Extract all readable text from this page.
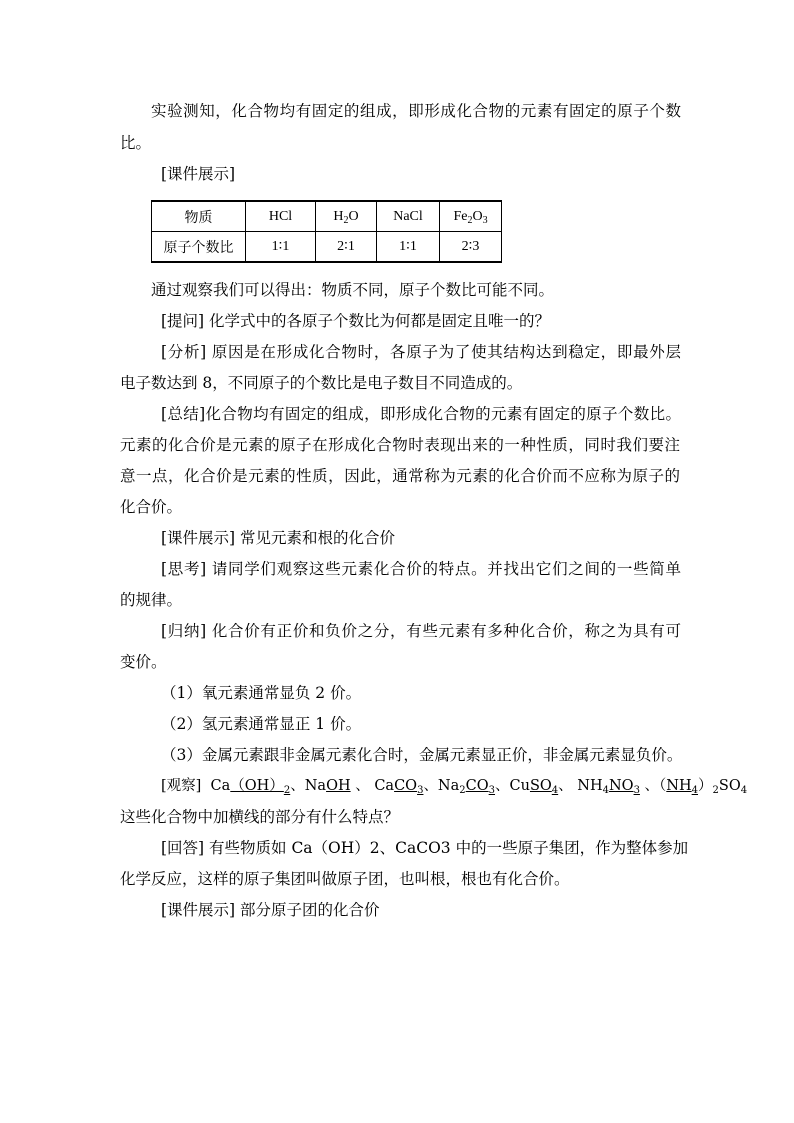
实验测知，化合物均有固定的组成，即形成化合物的元素有固定的原子个数
比。
[课件展示]
物质	HCl	$H_2O$	NaCl	$Fe_2O_3$
原子个数比	1∶1	2∶1	1∶1	2∶3
通过观察我们可以得出：物质不同，原子个数比可能不同。
[提问] 化学式中的各原子个数比为何都是固定且唯一的？
[分析] 原因是在形成化合物时，各原子为了使其结构达到稳定，即最外层
电子数达到 8，不同原子的个数比是电子数目不同造成的。
[总结]化合物均有固定的组成，即形成化合物的元素有固定的原子个数比。
元素的化合价是元素的原子在形成化合物时表现出来的一种性质，同时我们要注
意一点，化合价是元素的性质，因此，通常称为元素的化合价而不应称为原子的
化合价。
[课件展示] 常见元素和根的化合价
[思考] 请同学们观察这些元素化合价的特点。并找出它们之间的一些简单
的规律。
[归纳] 化合价有正价和负价之分，有些元素有多种化合价，称之为具有可
变价。
（1）氧元素通常显负 2 价。
（2）氢元素通常显正 1 价。
（3）金属元素跟非金属元素化合时，金属元素显正价，非金属元素显负价。
[观察] $Ca(OH)_2$、NaOH 、 CaCO$_3$、$Na_2CO_3$、CuSO$_4$、 $NH_4NO_3$ 、$(NH_4)_2SO_4$
这些化合物中加横线的部分有什么特点？
[回答] 有些物质如 Ca（OH）2、CaCO3 中的一些原子集团，作为整体参加
化学反应，这样的原子集团叫做原子团，也叫根，根也有化合价。
[课件展示] 部分原子团的化合价
